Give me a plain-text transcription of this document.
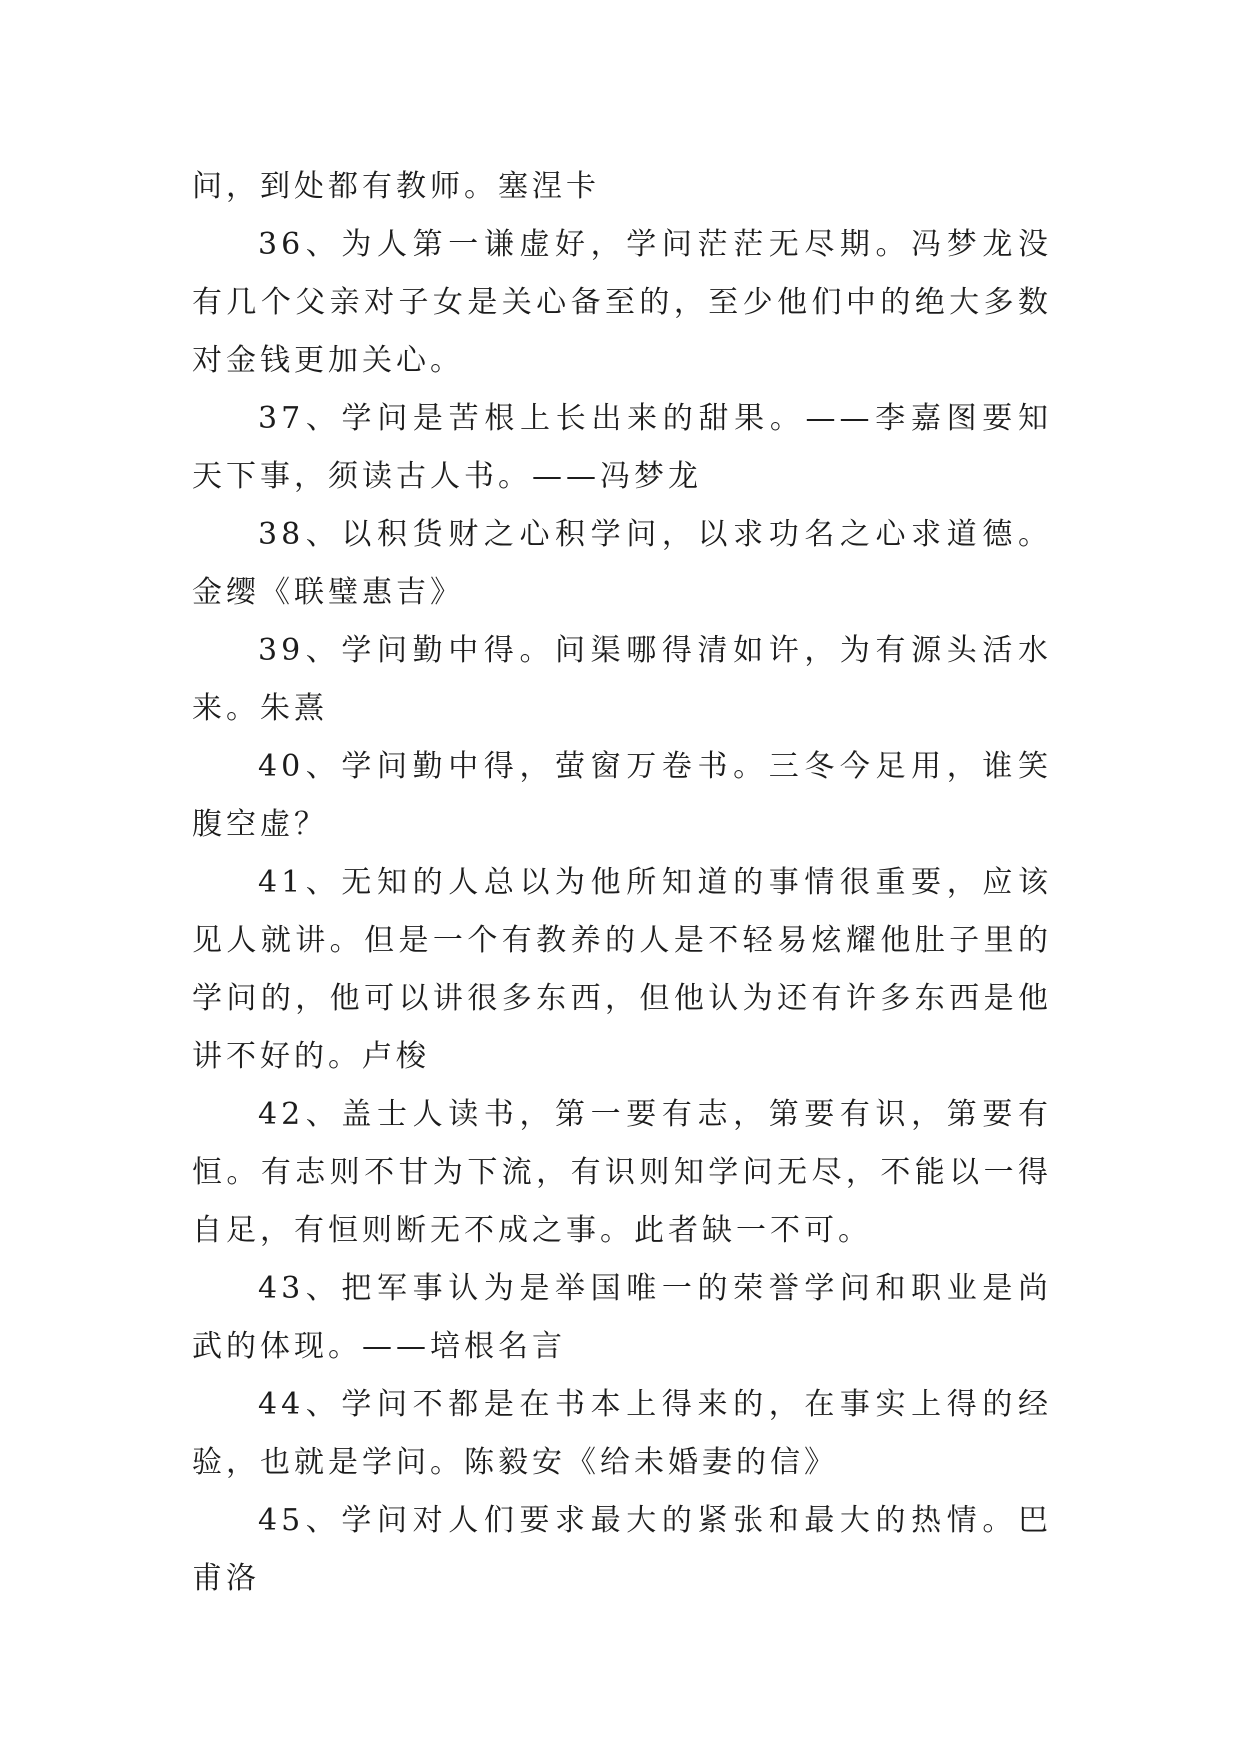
问，到处都有教师。塞涅卡

36、为人第一谦虚好，学问茫茫无尽期。冯梦龙没有几个父亲对子女是关心备至的，至少他们中的绝大多数对金钱更加关心。

37、学问是苦根上长出来的甜果。——李嘉图要知天下事，须读古人书。——冯梦龙

38、以积货财之心积学问，以求功名之心求道德。金缨《联璧惠吉》

39、学问勤中得。问渠哪得清如许，为有源头活水来。朱熹

40、学问勤中得，萤窗万卷书。三冬今足用，谁笑腹空虚？

41、无知的人总以为他所知道的事情很重要，应该见人就讲。但是一个有教养的人是不轻易炫耀他肚子里的学问的，他可以讲很多东西，但他认为还有许多东西是他讲不好的。卢梭

42、盖士人读书，第一要有志，第要有识，第要有恒。有志则不甘为下流，有识则知学问无尽，不能以一得自足，有恒则断无不成之事。此者缺一不可。

43、把军事认为是举国唯一的荣誉学问和职业是尚武的体现。——培根名言

44、学问不都是在书本上得来的，在事实上得的经验，也就是学问。陈毅安《给未婚妻的信》

45、学问对人们要求最大的紧张和最大的热情。巴甫洛
